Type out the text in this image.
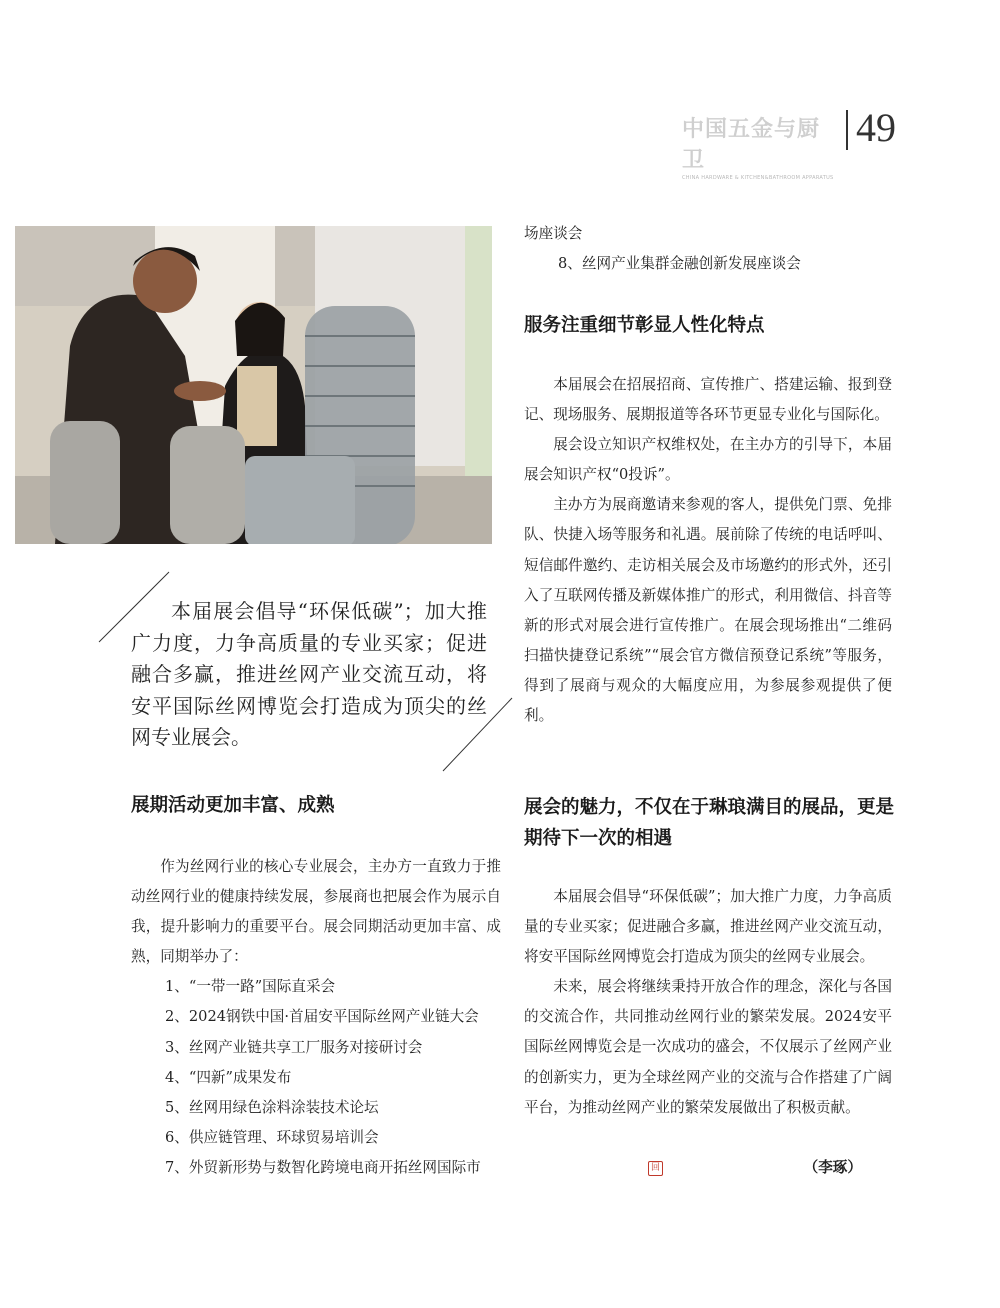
中国五金与厨卫
CHINA HARDWARE & KITCHEN&BATHROOM APPARATUS
49

本届展会倡导“环保低碳”；加大推广力度，力争高质量的专业买家；促进融合多赢，推进丝网产业交流互动，将安平国际丝网博览会打造成为顶尖的丝网专业展会。

展期活动更加丰富、成熟

作为丝网行业的核心专业展会，主办方一直致力于推动丝网行业的健康持续发展，参展商也把展会作为展示自我，提升影响力的重要平台。展会同期活动更加丰富、成熟，同期举办了：

1、“一带一路”国际直采会

2、2024钢铁中国·首届安平国际丝网产业链大会

3、丝网产业链共享工厂服务对接研讨会

4、“四新”成果发布

5、丝网用绿色涂料涂装技术论坛

6、供应链管理、环球贸易培训会

7、外贸新形势与数智化跨境电商开拓丝网国际市

场座谈会

8、丝网产业集群金融创新发展座谈会

服务注重细节彰显人性化特点

本届展会在招展招商、宣传推广、搭建运输、报到登记、现场服务、展期报道等各环节更显专业化与国际化。

展会设立知识产权维权处，在主办方的引导下，本届展会知识产权“0投诉”。

主办方为展商邀请来参观的客人，提供免门票、免排队、快捷入场等服务和礼遇。展前除了传统的电话呼叫、短信邮件邀约、走访相关展会及市场邀约的形式外，还引入了互联网传播及新媒体推广的形式，利用微信、抖音等新的形式对展会进行宣传推广。在展会现场推出“二维码扫描快捷登记系统”“展会官方微信预登记系统”等服务，得到了展商与观众的大幅度应用，为参展参观提供了便利。

展会的魅力，不仅在于琳琅满目的展品，更是期待下一次的相遇

本届展会倡导“环保低碳”；加大推广力度，力争高质量的专业买家；促进融合多赢，推进丝网产业交流互动，将安平国际丝网博览会打造成为顶尖的丝网专业展会。

未来，展会将继续秉持开放合作的理念，深化与各国的交流合作，共同推动丝网行业的繁荣发展。2024安平国际丝网博览会是一次成功的盛会，不仅展示了丝网产业的创新实力，更为全球丝网产业的交流与合作搭建了广阔平台，为推动丝网产业的繁荣发展做出了积极贡献。

回	（李琢）
